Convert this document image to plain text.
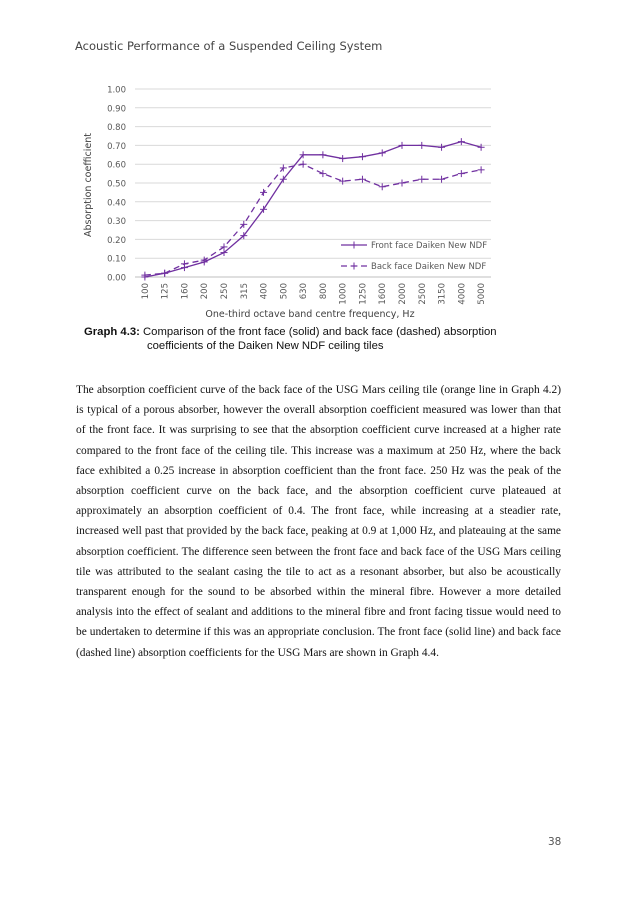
Acoustic Performance of a Suspended Ceiling System
0.00
0.10
0.20
0.30
0.40
0.50
0.60
0.70
0.80
0.90
1.00
100 125 160 200 250 315 400 500 630 800 1000 1250 1600 2000 2500 3150 4000 5000
Front face Daiken New NDF
Back face Daiken New NDF
Absorption coefficient
One-third octave band centre frequency, Hz
Graph 4.3: Comparison of the front face (solid) and back face (dashed) absorption
coefficients of the Daiken New NDF ceiling tiles
The absorption coefficient curve of the back face of the USG Mars ceiling tile (orange line in Graph 4.2) is typical of a porous absorber, however the overall absorption coefficient measured was lower than that of the front face. It was surprising to see that the absorption coefficient curve increased at a higher rate compared to the front face of the ceiling tile. This increase was a maximum at 250 Hz, where the back face exhibited a 0.25 increase in absorption coefficient than the front face. 250 Hz was the peak of the absorption coefficient curve on the back face, and the absorption coefficient curve plateaued at approximately an absorption coefficient of 0.4. The front face, while increasing at a steadier rate, increased well past that provided by the back face, peaking at 0.9 at 1,000 Hz, and plateauing at the same absorption coefficient. The difference seen between the front face and back face of the USG Mars ceiling tile was attributed to the sealant casing the tile to act as a resonant absorber, but also be acoustically transparent enough for the sound to be absorbed within the mineral fibre. However a more detailed analysis into the effect of sealant and additions to the mineral fibre and front facing tissue would need to be undertaken to determine if this was an appropriate conclusion. The front face (solid line) and back face (dashed line) absorption coefficients for the USG Mars are shown in Graph 4.4.
38
